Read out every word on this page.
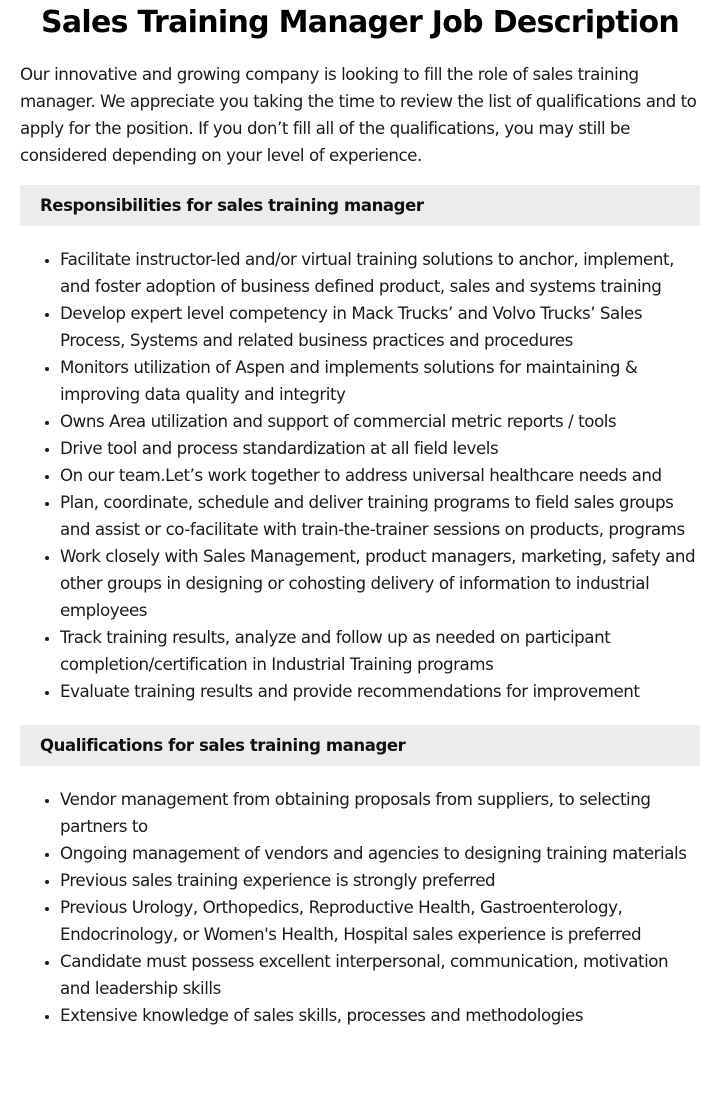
Sales Training Manager Job Description

Our innovative and growing company is looking to fill the role of sales training manager. We appreciate you taking the time to review the list of qualifications and to apply for the position. If you don’t fill all of the qualifications, you may still be considered depending on your level of experience.

Responsibilities for sales training manager
• Facilitate instructor-led and/or virtual training solutions to anchor, implement, and foster adoption of business defined product, sales and systems training
• Develop expert level competency in Mack Trucks’ and Volvo Trucks’ Sales Process, Systems and related business practices and procedures
• Monitors utilization of Aspen and implements solutions for maintaining & improving data quality and integrity
• Owns Area utilization and support of commercial metric reports / tools
• Drive tool and process standardization at all field levels
• On our team.Let’s work together to address universal healthcare needs and
• Plan, coordinate, schedule and deliver training programs to field sales groups and assist or co-facilitate with train-the-trainer sessions on products, programs
• Work closely with Sales Management, product managers, marketing, safety and other groups in designing or cohosting delivery of information to industrial employees
• Track training results, analyze and follow up as needed on participant completion/certification in Industrial Training programs
• Evaluate training results and provide recommendations for improvement
Qualifications for sales training manager
• Vendor management from obtaining proposals from suppliers, to selecting partners to
• Ongoing management of vendors and agencies to designing training materials
• Previous sales training experience is strongly preferred
• Previous Urology, Orthopedics, Reproductive Health, Gastroenterology, Endocrinology, or Women's Health, Hospital sales experience is preferred
• Candidate must possess excellent interpersonal, communication, motivation and leadership skills
• Extensive knowledge of sales skills, processes and methodologies
